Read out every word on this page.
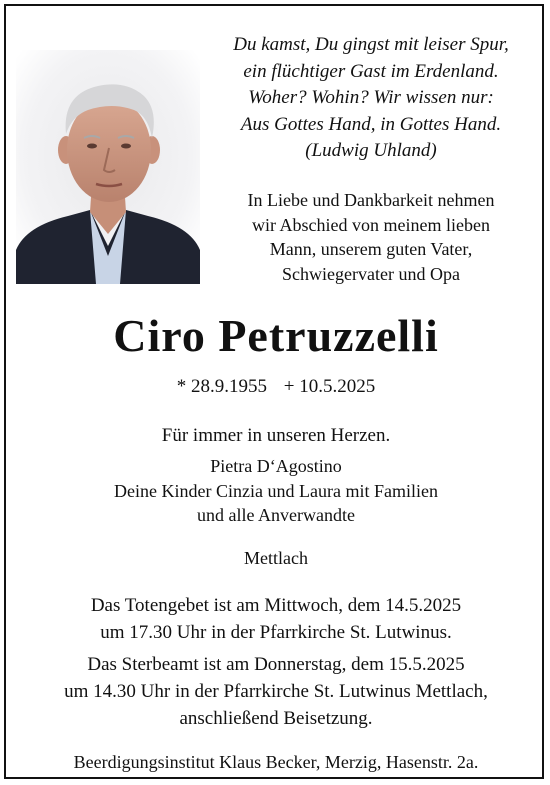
Du kamst, Du gingst mit leiser Spur,
ein flüchtiger Gast im Erdenland.
Woher? Wohin? Wir wissen nur:
Aus Gottes Hand, in Gottes Hand.
(Ludwig Uhland)
In Liebe und Dankbarkeit nehmen
wir Abschied von meinem lieben
Mann, unserem guten Vater,
Schwiegervater und Opa
Ciro Petruzzelli
* 28.9.1955 + 10.5.2025
Für immer in unseren Herzen.
Pietra D‘Agostino
Deine Kinder Cinzia und Laura mit Familien
und alle Anverwandte
Mettlach
Das Totengebet ist am Mittwoch, dem 14.5.2025
um 17.30 Uhr in der Pfarrkirche St. Lutwinus.
Das Sterbeamt ist am Donnerstag, dem 15.5.2025
um 14.30 Uhr in der Pfarrkirche St. Lutwinus Mettlach,
anschließend Beisetzung.
Beerdigungsinstitut Klaus Becker, Merzig, Hasenstr. 2a.
